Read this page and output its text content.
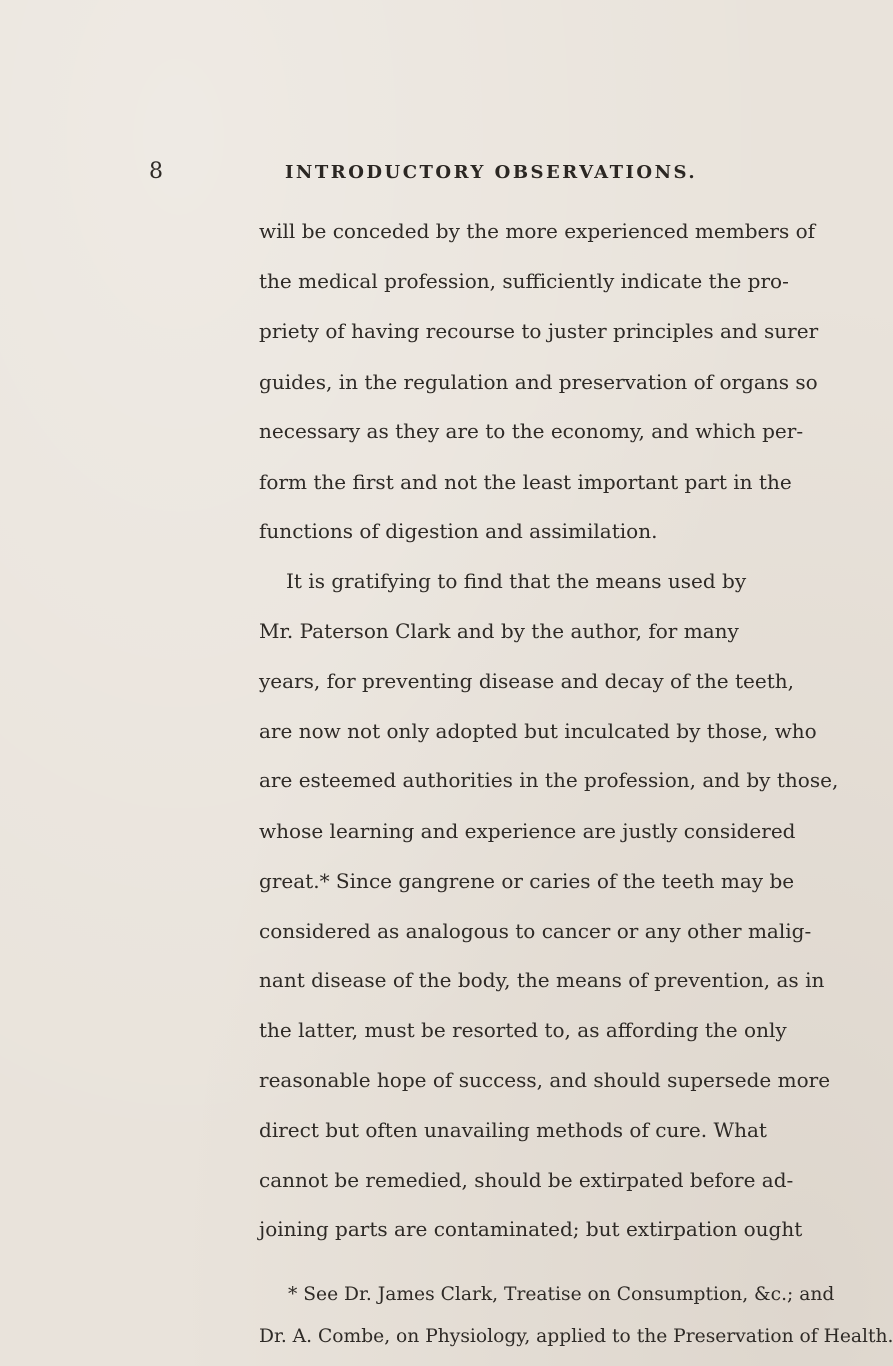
8	INTRODUCTORY OBSERVATIONS.
will be conceded by the more experienced members of
the medical profession, sufficiently indicate the pro-
priety of having recourse to juster principles and surer
guides, in the regulation and preservation of organs so
necessary as they are to the economy, and which per-
form the first and not the least important part in the
functions of digestion and assimilation.
It is gratifying to find that the means used by
Mr. Paterson Clark and by the author, for many
years, for preventing disease and decay of the teeth,
are now not only adopted but inculcated by those, who
are esteemed authorities in the profession, and by those,
whose learning and experience are justly considered
great.* Since gangrene or caries of the teeth may be
considered as analogous to cancer or any other malig-
nant disease of the body, the means of prevention, as in
the latter, must be resorted to, as affording the only
reasonable hope of success, and should supersede more
direct but often unavailing methods of cure. What
cannot be remedied, should be extirpated before ad-
joining parts are contaminated; but extirpation ought
* See Dr. James Clark, Treatise on Consumption, &c.; and
Dr. A. Combe, on Physiology, applied to the Preservation of Health.
